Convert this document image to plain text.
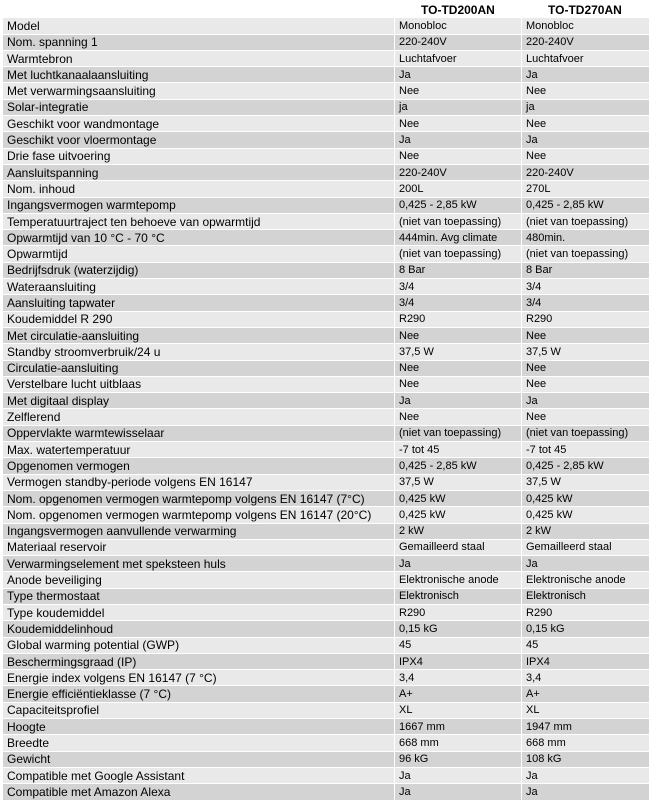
	TO-TD200AN	TO-TD270AN
Model	Monobloc	Monobloc
Nom. spanning 1	220-240V	220-240V
Warmtebron	Luchtafvoer	Luchtafvoer
Met luchtkanaalaansluiting	Ja	Ja
Met verwarmingsaansluiting	Nee	Nee
Solar-integratie	ja	ja
Geschikt voor wandmontage	Nee	Nee
Geschikt voor vloermontage	Ja	Ja
Drie fase uitvoering	Nee	Nee
Aansluitspanning	220-240V	220-240V
Nom. inhoud	200L	270L
Ingangsvermogen warmtepomp	0,425 - 2,85 kW	0,425 - 2,85 kW
Temperatuurtraject ten behoeve van opwarmtijd	(niet van toepassing)	(niet van toepassing)
Opwarmtijd van 10 °C - 70 °C	444min. Avg climate	480min.
Opwarmtijd	(niet van toepassing)	(niet van toepassing)
Bedrijfsdruk (waterzijdig)	8 Bar	8 Bar
Wateraansluiting	3/4	3/4
Aansluiting tapwater	3/4	3/4
Koudemiddel R 290	R290	R290
Met circulatie-aansluiting	Nee	Nee
Standby stroomverbruik/24 u	37,5 W	37,5 W
Circulatie-aansluiting	Nee	Nee
Verstelbare lucht uitblaas	Nee	Nee
Met digitaal display	Ja	Ja
Zelflerend	Nee	Nee
Oppervlakte warmtewisselaar	(niet van toepassing)	(niet van toepassing)
Max. watertemperatuur	-7 tot 45	-7 tot 45
Opgenomen vermogen	0,425 - 2,85 kW	0,425 - 2,85 kW
Vermogen standby-periode volgens EN 16147	37,5 W	37,5 W
Nom. opgenomen vermogen warmtepomp volgens EN 16147 (7°C)	0,425 kW	0,425 kW
Nom. opgenomen vermogen warmtepomp volgens EN 16147 (20°C)	0,425 kW	0,425 kW
Ingangsvermogen aanvullende verwarming	2 kW	2 kW
Materiaal reservoir	Gemailleerd staal	Gemailleerd staal
Verwarmingselement met speksteen huls	Ja	Ja
Anode beveiliging	Elektronische anode	Elektronische anode
Type thermostaat	Elektronisch	Elektronisch
Type koudemiddel	R290	R290
Koudemiddelinhoud	0,15 kG	0,15 kG
Global warming potential (GWP)	45	45
Beschermingsgraad (IP)	IPX4	IPX4
Energie index volgens EN 16147 (7 °C)	3,4	3,4
Energie efficiëntieklasse (7 °C)	A+	A+
Capaciteitsprofiel	XL	XL
Hoogte	1667 mm	1947 mm
Breedte	668 mm	668 mm
Gewicht	96 kG	108 kG
Compatible met Google Assistant	Ja	Ja
Compatible met Amazon Alexa	Ja	Ja
